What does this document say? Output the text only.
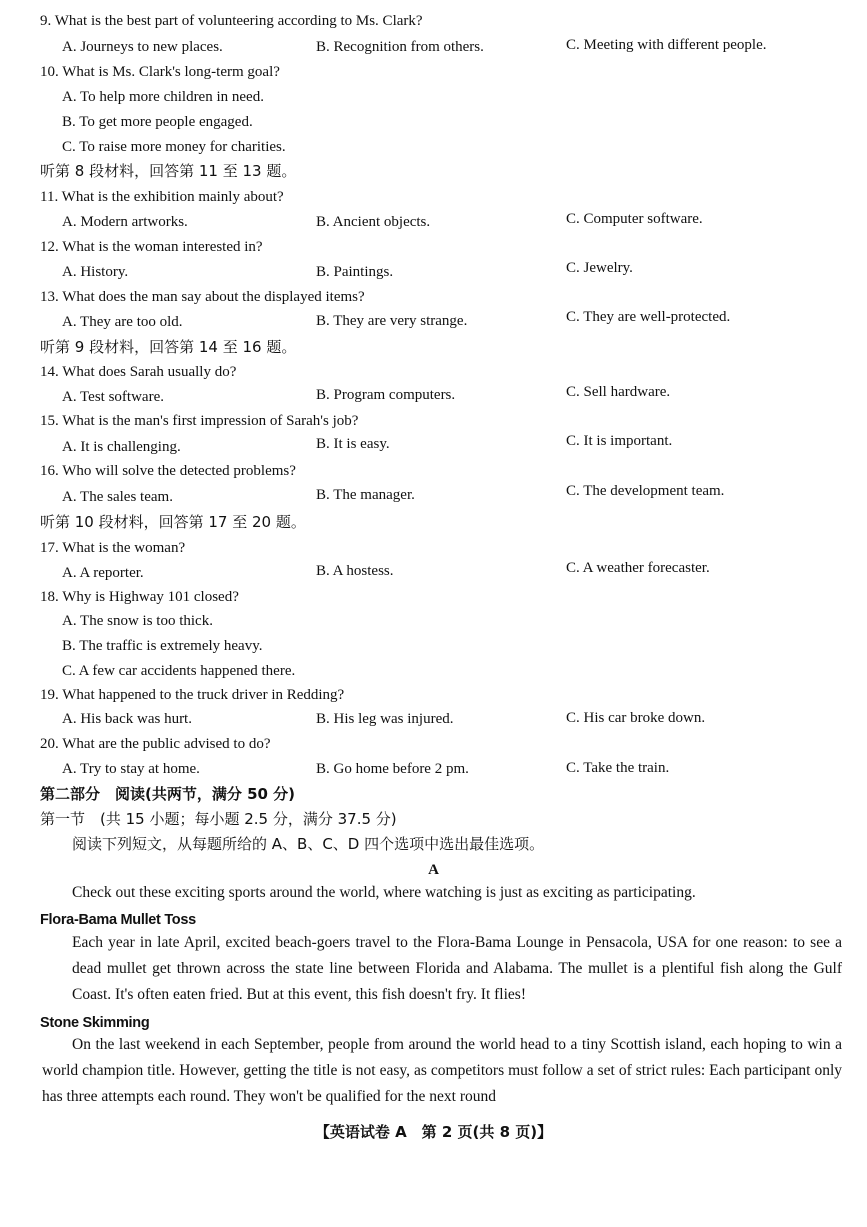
9. What is the best part of volunteering according to Ms. Clark?
A. Journeys to new places.	B. Recognition from others.	C. Meeting with different people.
10. What is Ms. Clark's long-term goal?
A. To help more children in need.
B. To get more people engaged.
C. To raise more money for charities.
听第 8 段材料，回答第 11 至 13 题。
11. What is the exhibition mainly about?
A. Modern artworks.	B. Ancient objects.	C. Computer software.
12. What is the woman interested in?
A. History.	B. Paintings.	C. Jewelry.
13. What does the man say about the displayed items?
A. They are too old.	B. They are very strange.	C. They are well-protected.
听第 9 段材料，回答第 14 至 16 题。
14. What does Sarah usually do?
A. Test software.	B. Program computers.	C. Sell hardware.
15. What is the man's first impression of Sarah's job?
A. It is challenging.	B. It is easy.	C. It is important.
16. Who will solve the detected problems?
A. The sales team.	B. The manager.	C. The development team.
听第 10 段材料，回答第 17 至 20 题。
17. What is the woman?
A. A reporter.	B. A hostess.	C. A weather forecaster.
18. Why is Highway 101 closed?
A. The snow is too thick.
B. The traffic is extremely heavy.
C. A few car accidents happened there.
19. What happened to the truck driver in Redding?
A. His back was hurt.	B. His leg was injured.	C. His car broke down.
20. What are the public advised to do?
A. Try to stay at home.	B. Go home before 2 pm.	C. Take the train.
第二部分　阅读(共两节，满分 50 分)
第一节　(共 15 小题；每小题 2.5 分，满分 37.5 分)
阅读下列短文，从每题所给的 A、B、C、D 四个选项中选出最佳选项。
A
Check out these exciting sports around the world, where watching is just as exciting as participating.
Flora-Bama Mullet Toss
Each year in late April, excited beach-goers travel to the Flora-Bama Lounge in Pensacola, USA for one reason: to see a dead mullet get thrown across the state line between Florida and Alabama. The mullet is a plentiful fish along the Gulf Coast. It's often eaten fried. But at this event, this fish doesn't fry. It flies!
Stone Skimming
On the last weekend in each September, people from around the world head to a tiny Scottish island, each hoping to win a world champion title. However, getting the title is not easy, as competitors must follow a set of strict rules: Each participant only has three attempts each round. They won't be qualified for the next round
【英语试卷 A　第 2 页(共 8 页)】
